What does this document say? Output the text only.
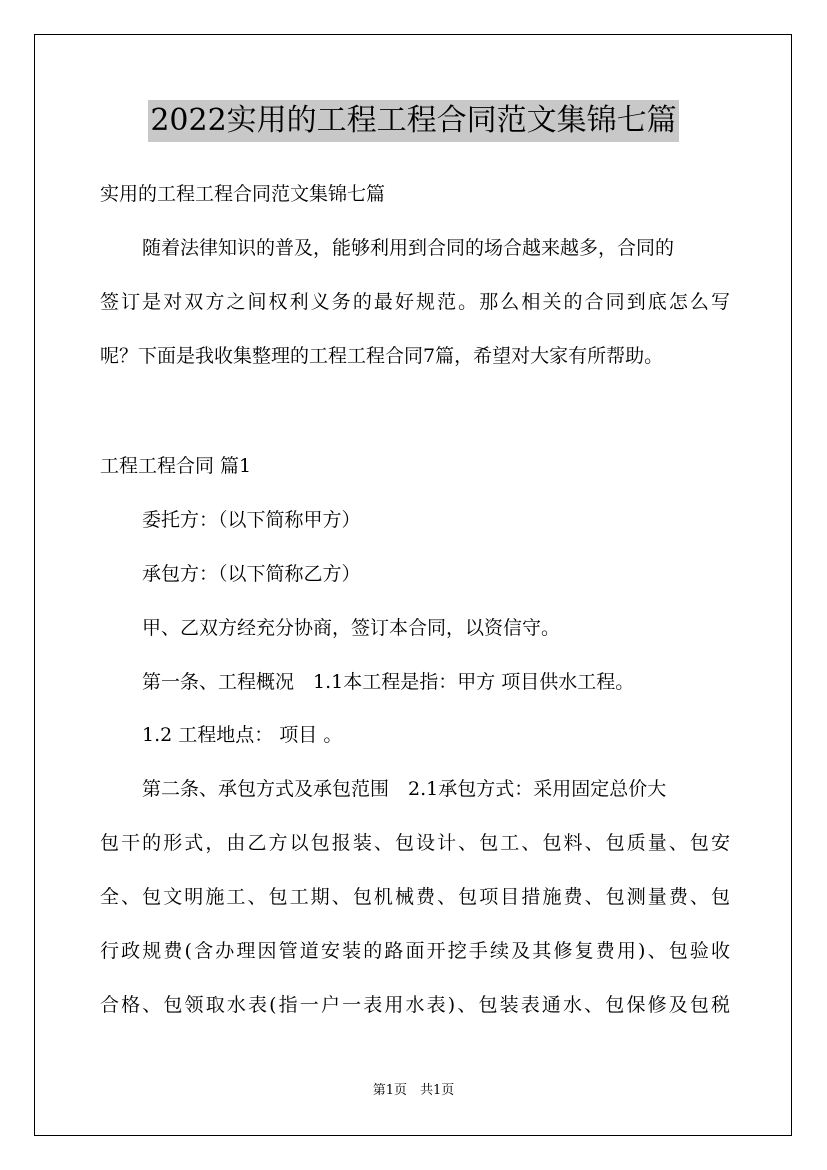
2022实用的工程工程合同范文集锦七篇
实用的工程工程合同范文集锦七篇
随着法律知识的普及，能够利用到合同的场合越来越多，合同的
签订是对双方之间权利义务的最好规范。那么相关的合同到底怎么写
呢？下面是我收集整理的工程工程合同7篇，希望对大家有所帮助。
工程工程合同 篇1
委托方：（以下简称甲方）
承包方：（以下简称乙方）
甲、乙双方经充分协商，签订本合同，以资信守。
第一条、工程概况　1.1本工程是指：甲方 项目供水工程。
1.2 工程地点： 项目 。
第二条、承包方式及承包范围　2.1承包方式：采用固定总价大
包干的形式，由乙方以包报装、包设计、包工、包料、包质量、包安
全、包文明施工、包工期、包机械费、包项目措施费、包测量费、包
行政规费(含办理因管道安装的路面开挖手续及其修复费用)、包验收
合格、包领取水表(指一户一表用水表)、包装表通水、包保修及包税
第1页　共1页
